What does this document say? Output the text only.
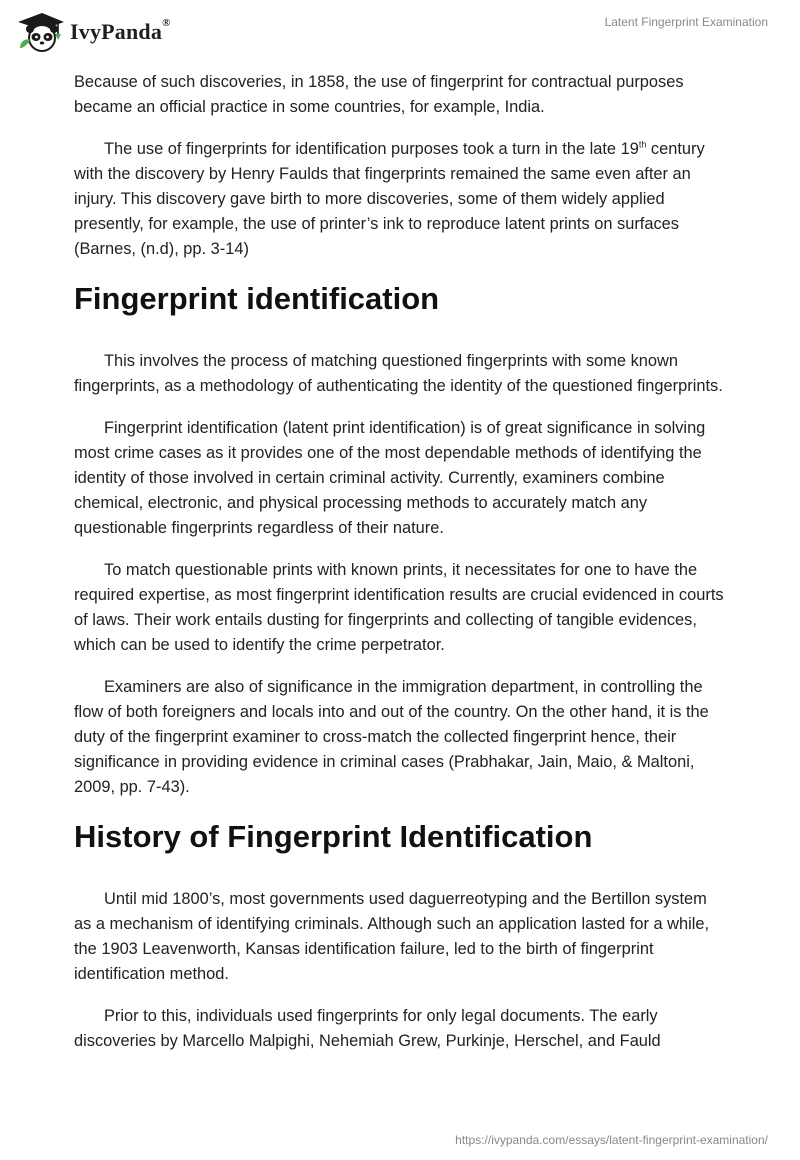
IvyPanda®	Latent Fingerprint Examination

Because of such discoveries, in 1858, the use of fingerprint for contractual purposes became an official practice in some countries, for example, India.

The use of fingerprints for identification purposes took a turn in the late 19th century with the discovery by Henry Faulds that fingerprints remained the same even after an injury. This discovery gave birth to more discoveries, some of them widely applied presently, for example, the use of printer’s ink to reproduce latent prints on surfaces (Barnes, (n.d), pp. 3-14)

Fingerprint identification

This involves the process of matching questioned fingerprints with some known fingerprints, as a methodology of authenticating the identity of the questioned fingerprints.

Fingerprint identification (latent print identification) is of great significance in solving most crime cases as it provides one of the most dependable methods of identifying the identity of those involved in certain criminal activity. Currently, examiners combine chemical, electronic, and physical processing methods to accurately match any questionable fingerprints regardless of their nature.

To match questionable prints with known prints, it necessitates for one to have the required expertise, as most fingerprint identification results are crucial evidenced in courts of laws. Their work entails dusting for fingerprints and collecting of tangible evidences, which can be used to identify the crime perpetrator.

Examiners are also of significance in the immigration department, in controlling the flow of both foreigners and locals into and out of the country. On the other hand, it is the duty of the fingerprint examiner to cross-match the collected fingerprint hence, their significance in providing evidence in criminal cases (Prabhakar, Jain, Maio, & Maltoni, 2009, pp. 7-43).

History of Fingerprint Identification

Until mid 1800’s, most governments used daguerreotyping and the Bertillon system as a mechanism of identifying criminals. Although such an application lasted for a while, the 1903 Leavenworth, Kansas identification failure, led to the birth of fingerprint identification method.

Prior to this, individuals used fingerprints for only legal documents. The early discoveries by Marcello Malpighi, Nehemiah Grew, Purkinje, Herschel, and Fauld

https://ivypanda.com/essays/latent-fingerprint-examination/
